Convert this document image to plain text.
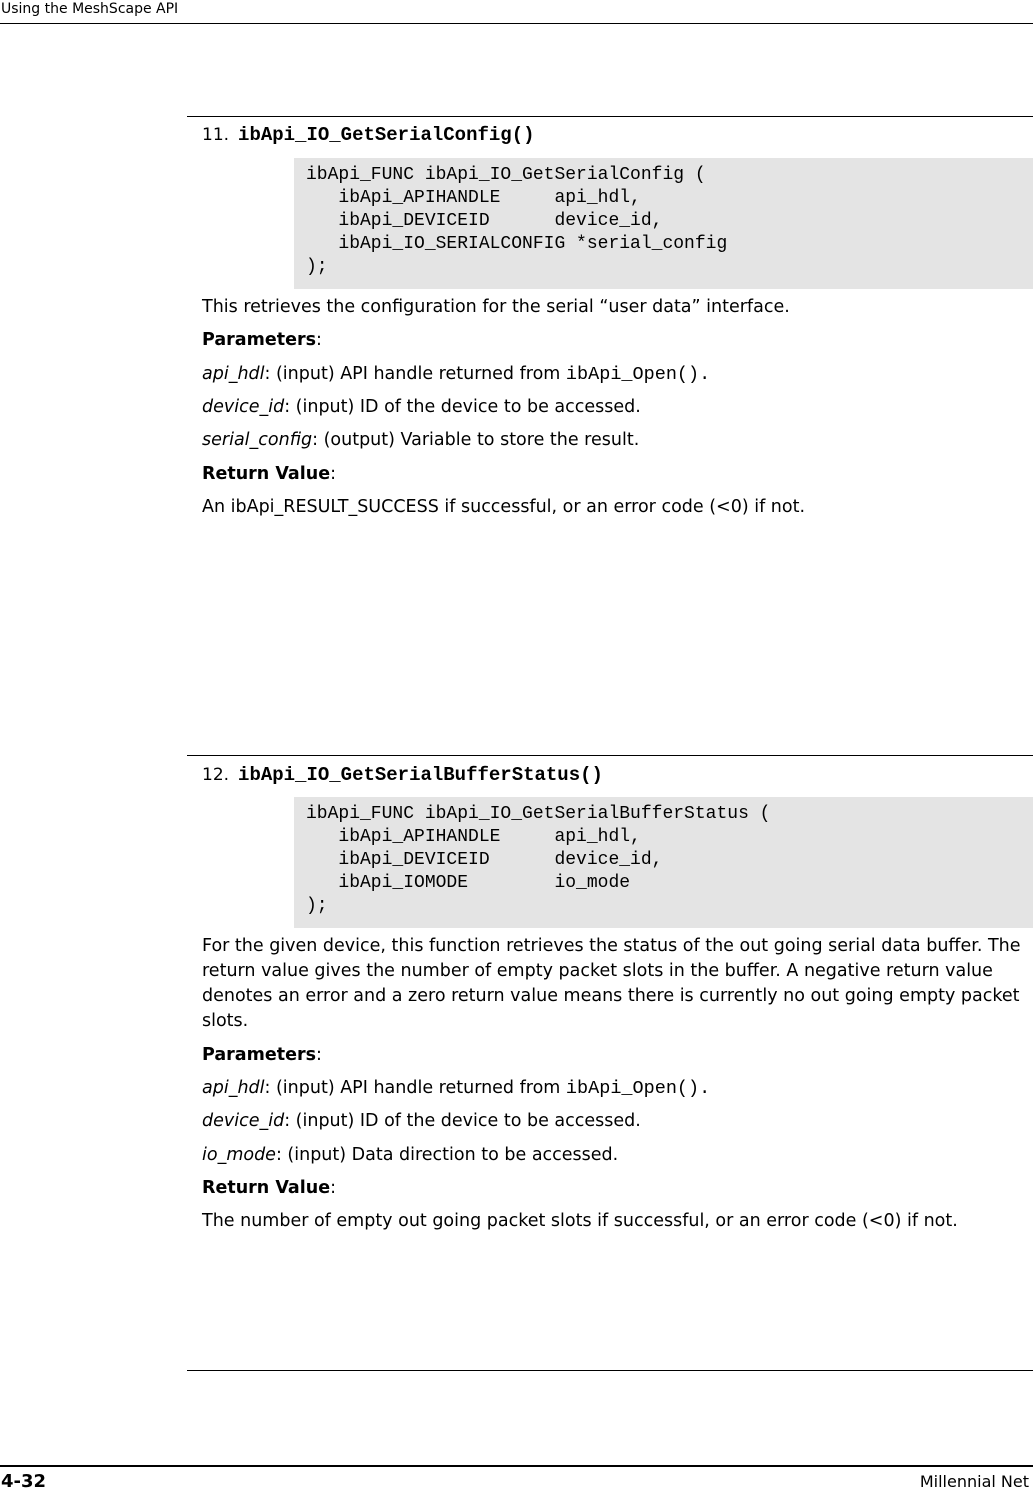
Using the MeshScape API
11. ibApi_IO_GetSerialConfig()
ibApi_FUNC ibApi_IO_GetSerialConfig (
ibApi_APIHANDLE     api_hdl,
ibApi_DEVICEID      device_id,
ibApi_IO_SERIALCONFIG *serial_config
);
This retrieves the configuration for the serial “user data” interface.
Parameters:
api_hdl: (input) API handle returned from ibApi_Open().
device_id: (input) ID of the device to be accessed.
serial_config: (output) Variable to store the result.
Return Value:
An ibApi_RESULT_SUCCESS if successful, or an error code (<0) if not.
12. ibApi_IO_GetSerialBufferStatus()
ibApi_FUNC ibApi_IO_GetSerialBufferStatus (
ibApi_APIHANDLE     api_hdl,
ibApi_DEVICEID      device_id,
ibApi_IOMODE        io_mode
);
For the given device, this function retrieves the status of the out going serial data buffer. The return value gives the number of empty packet slots in the buffer. A negative return value denotes an error and a zero return value means there is currently no out going empty packet slots.
Parameters:
api_hdl: (input) API handle returned from ibApi_Open().
device_id: (input) ID of the device to be accessed.
io_mode: (input) Data direction to be accessed.
Return Value:
The number of empty out going packet slots if successful, or an error code (<0) if not.
4-32	Millennial Net
